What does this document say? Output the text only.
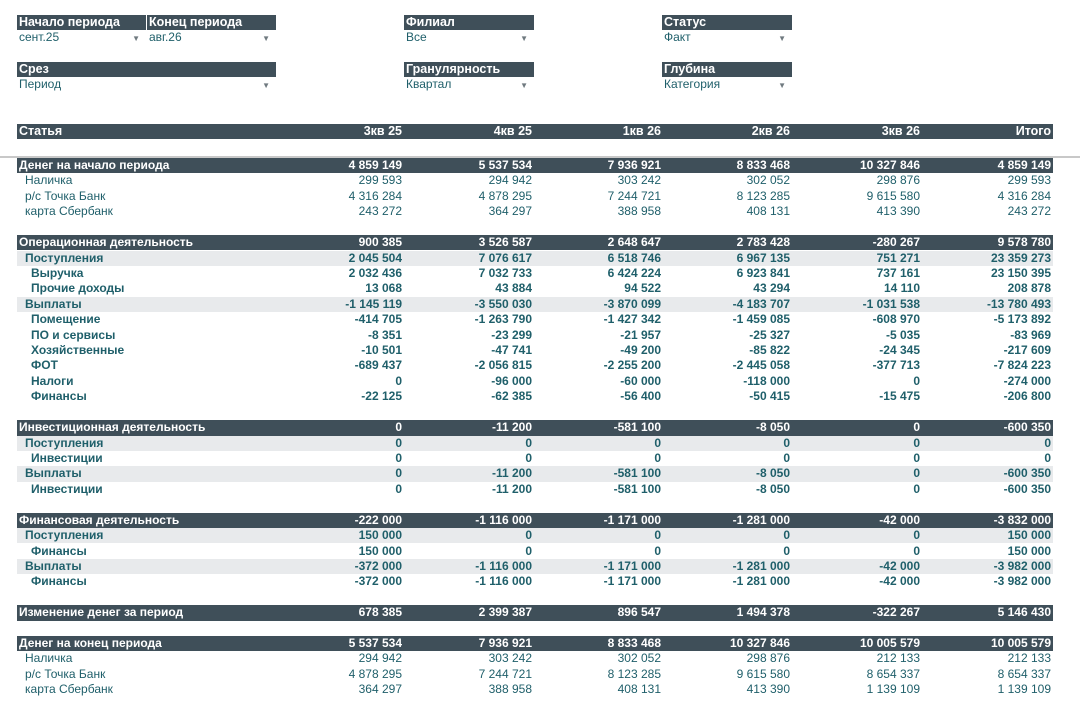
Начало периода
сент.25	▼
Конец периода
авг.26	▼
Филиал
Все	▼
Статус
Факт	▼
Срез
Период	▼
Гранулярность
Квартал	▼
Глубина
Категория	▼
Статья	3кв 25	4кв 25	1кв 26	2кв 26	3кв 26	Итого
Денег на начало периода	4 859 149	5 537 534	7 936 921	8 833 468	10 327 846	4 859 149
Наличка	299 593	294 942	303 242	302 052	298 876	299 593
р/с Точка Банк	4 316 284	4 878 295	7 244 721	8 123 285	9 615 580	4 316 284
карта Сбербанк	243 272	364 297	388 958	408 131	413 390	243 272
Операционная деятельность	900 385	3 526 587	2 648 647	2 783 428	-280 267	9 578 780
Поступления	2 045 504	7 076 617	6 518 746	6 967 135	751 271	23 359 273
Выручка	2 032 436	7 032 733	6 424 224	6 923 841	737 161	23 150 395
Прочие доходы	13 068	43 884	94 522	43 294	14 110	208 878
Выплаты	-1 145 119	-3 550 030	-3 870 099	-4 183 707	-1 031 538	-13 780 493
Помещение	-414 705	-1 263 790	-1 427 342	-1 459 085	-608 970	-5 173 892
ПО и сервисы	-8 351	-23 299	-21 957	-25 327	-5 035	-83 969
Хозяйственные	-10 501	-47 741	-49 200	-85 822	-24 345	-217 609
ФОТ	-689 437	-2 056 815	-2 255 200	-2 445 058	-377 713	-7 824 223
Налоги	0	-96 000	-60 000	-118 000	0	-274 000
Финансы	-22 125	-62 385	-56 400	-50 415	-15 475	-206 800
Инвестиционная деятельность	0	-11 200	-581 100	-8 050	0	-600 350
Поступления	0	0	0	0	0	0
Инвестиции	0	0	0	0	0	0
Выплаты	0	-11 200	-581 100	-8 050	0	-600 350
Инвестиции	0	-11 200	-581 100	-8 050	0	-600 350
Финансовая деятельность	-222 000	-1 116 000	-1 171 000	-1 281 000	-42 000	-3 832 000
Поступления	150 000	0	0	0	0	150 000
Финансы	150 000	0	0	0	0	150 000
Выплаты	-372 000	-1 116 000	-1 171 000	-1 281 000	-42 000	-3 982 000
Финансы	-372 000	-1 116 000	-1 171 000	-1 281 000	-42 000	-3 982 000
Изменение денег за период	678 385	2 399 387	896 547	1 494 378	-322 267	5 146 430
Денег на конец периода	5 537 534	7 936 921	8 833 468	10 327 846	10 005 579	10 005 579
Наличка	294 942	303 242	302 052	298 876	212 133	212 133
р/с Точка Банк	4 878 295	7 244 721	8 123 285	9 615 580	8 654 337	8 654 337
карта Сбербанк	364 297	388 958	408 131	413 390	1 139 109	1 139 109
